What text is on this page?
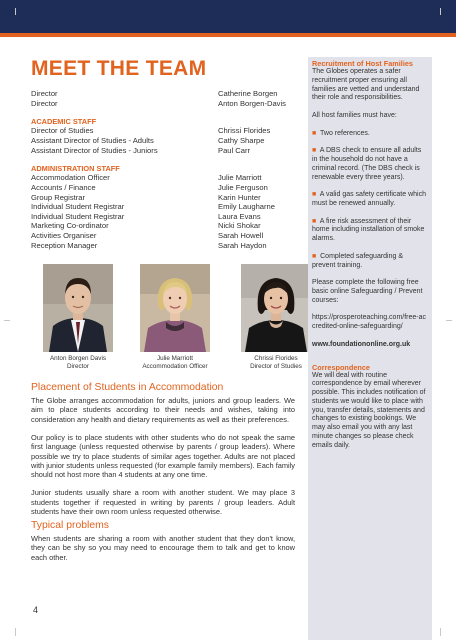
MEET THE TEAM
Director	Catherine Borgen
Director	Anton Borgen-Davis
ACADEMIC STAFF
Director of Studies	Chrissi Florides
Assistant Director of Studies - Adults	Cathy Sharpe
Assistant Director of Studies - Juniors	Paul Carr
ADMINISTRATION STAFF
Accommodation Officer	Julie Marriott
Accounts / Finance	Julie Ferguson
Group Registrar	Karin Hunter
Individual Student Registrar	Emily Laugharne
Individual Student Registrar	Laura Evans
Marketing Co-ordinator	Nicki Shokar
Activities Organiser	Sarah Howell
Reception Manager	Sarah Haydon
Anton Borgen Davis
Director
Julie Marriott
Accommodation Officer
Chrissi Florides
Director of Studies
Placement of Students in Accommodation

The Globe arranges accommodation for adults, juniors and group leaders. We aim to place students according to their needs and wishes, taking into consideration any health and dietary requirements as well as their preferences.

Our policy is to place students with other students who do not speak the same first language (unless requested otherwise by parents / group leaders). Where possible we try to place students of similar ages together. Adults are not placed with junior students unless requested (for example family members). Each family should not host more than 4 students at any one time.

Junior students usually share a room with another student. We may place 3 students together if requested in writing by parents / group leaders. Adult students have their own room unless requested otherwise.

Typical problems

When students are sharing a room with another student that they don't know, they can be shy so you may need to encourage them to talk and get to know each other.

4
Recruitment of Host Families
The Globes operates a safer recruitment proper ensuring all families are vetted and understand their role and responsibilities.
All host families must have:
■ Two references.
■ A DBS check to ensure all adults in the household do not have a criminal record. (The DBS check is renewable every three years).
■ A valid gas safety certificate which must be renewed annually.
■ A fire risk assessment of their home including installation of smoke alarms.
■ Completed safeguarding & prevent training.
Please complete the following free basic online Safeguarding / Prevent courses:
https://prosperoteaching.com/free-accredited-online-safeguarding/
www.foundationonline.org.uk
Correspondence
We will deal with routine correspondence by email wherever possible. This includes notification of students we would like to place with you, transfer details, statements and changes to existing bookings. We may also email you with any last minute changes so please check emails daily.
